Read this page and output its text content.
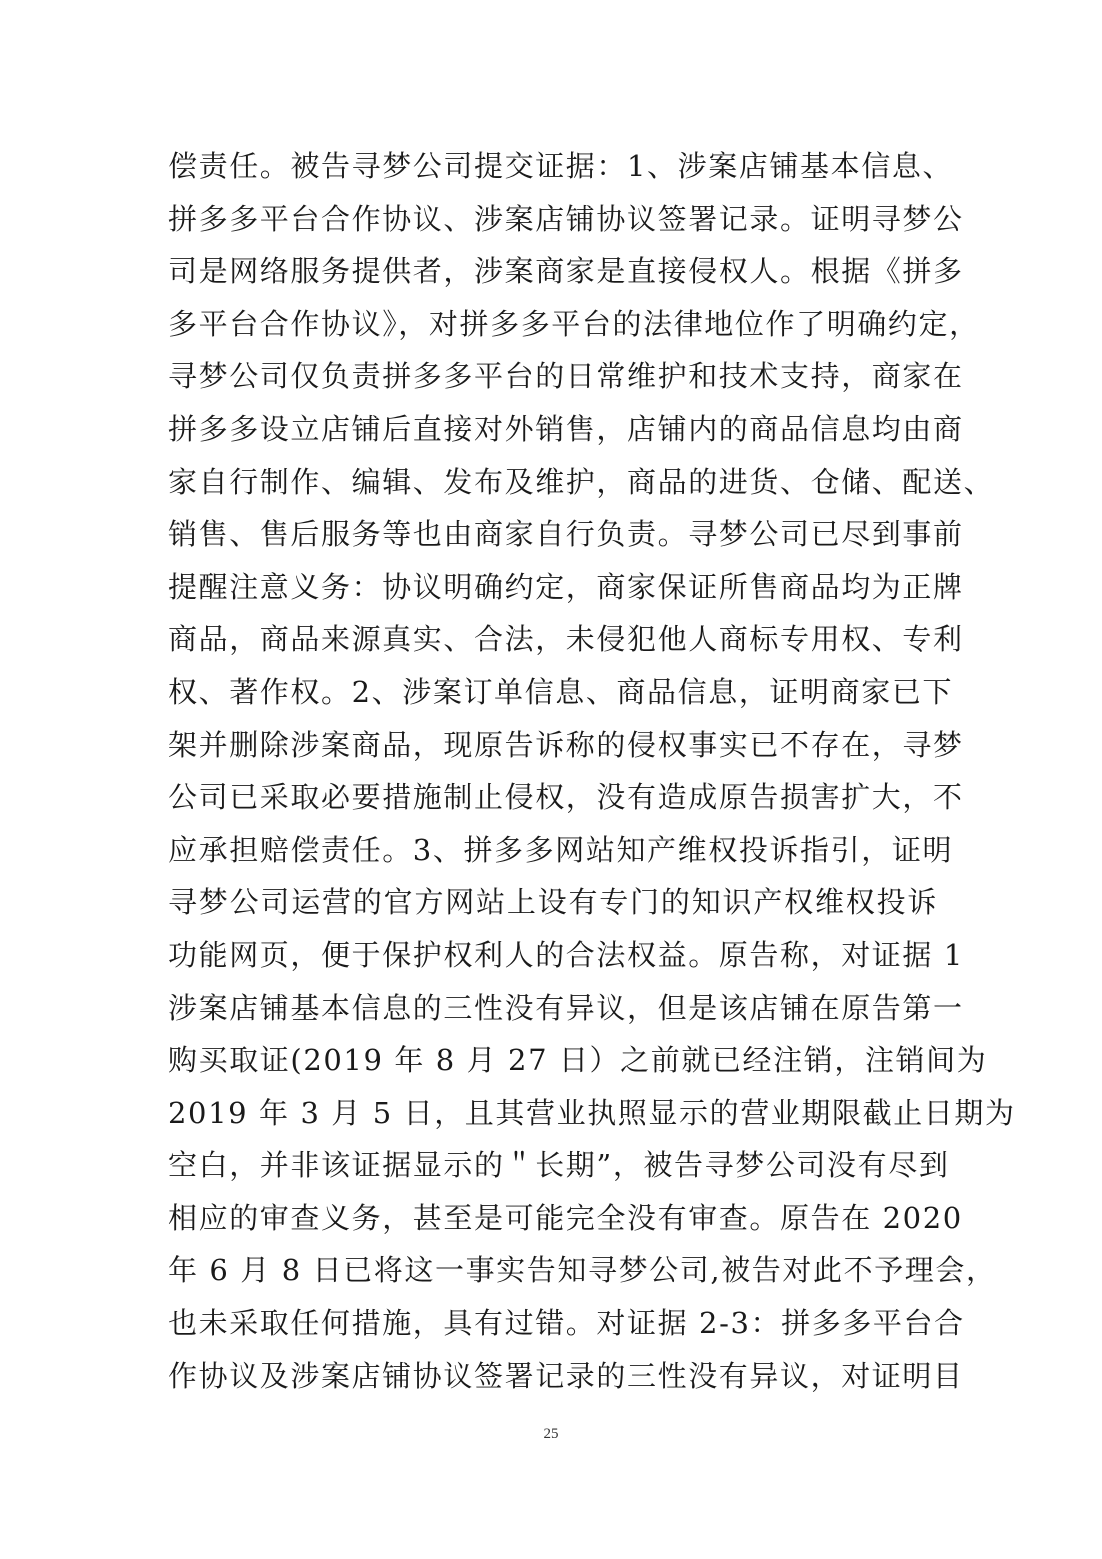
偿责任。被告寻梦公司提交证据：1、涉案店铺基本信息、
拼多多平台合作协议、涉案店铺协议签署记录。证明寻梦公
司是网络服务提供者，涉案商家是直接侵权人。根据《拼多
多平台合作协议》，对拼多多平台的法律地位作了明确约定，
寻梦公司仅负责拼多多平台的日常维护和技术支持，商家在
拼多多设立店铺后直接对外销售，店铺内的商品信息均由商
家自行制作、编辑、发布及维护，商品的进货、仓储、配送、
销售、售后服务等也由商家自行负责。寻梦公司已尽到事前
提醒注意义务：协议明确约定，商家保证所售商品均为正牌
商品，商品来源真实、合法，未侵犯他人商标专用权、专利
权、著作权。2、涉案订单信息、商品信息，证明商家已下
架并删除涉案商品，现原告诉称的侵权事实已不存在，寻梦
公司已采取必要措施制止侵权，没有造成原告损害扩大，不
应承担赔偿责任。3、拼多多网站知产维权投诉指引，证明
寻梦公司运营的官方网站上设有专门的知识产权维权投诉
功能网页，便于保护权利人的合法权益。原告称，对证据 1
涉案店铺基本信息的三性没有异议，但是该店铺在原告第一
购买取证(2019 年 8 月 27 日）之前就已经注销，注销间为
2019 年 3 月 5 日，且其营业执照显示的营业期限截止日期为
空白，并非该证据显示的＂长期”，被告寻梦公司没有尽到
相应的审查义务，甚至是可能完全没有审查。原告在 2020
年 6 月 8 日已将这一事实告知寻梦公司,被告对此不予理会，
也未采取任何措施，具有过错。对证据 2-3：拼多多平台合
作协议及涉案店铺协议签署记录的三性没有异议，对证明目
25
